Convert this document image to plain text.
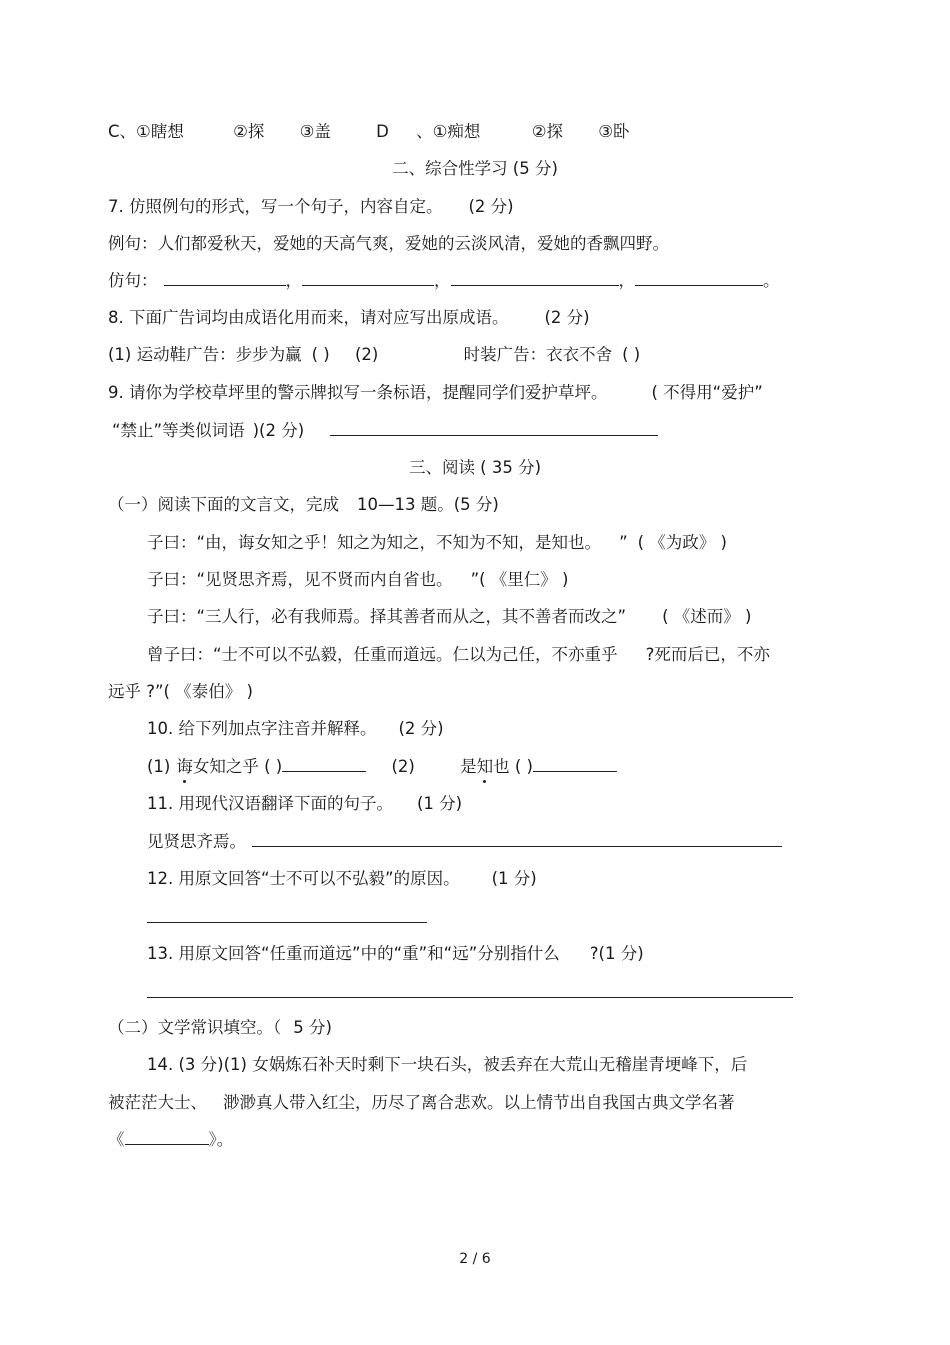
C、①瞎想	②探 ③盖	D 、①痴想	②探 ③卧
二、综合性学习 (5 分)
7. 仿照例句的形式，写一个句子，内容自定。 (2 分)
例句：人们都爱秋天，爱她的天高气爽，爱她的云淡风清，爱她的香飘四野。
仿句：	，	，	，	。
8. 下面广告词均由成语化用而来，请对应写出原成语。 (2 分)
(1) 运动鞋广告：步步为赢 ( ) (2)	时装广告：衣衣不舍 ( )
9. 请你为学校草坪里的警示牌拟写一条标语，提醒同学们爱护草坪。	( 不得用“爱护”
“禁止”等类似词语 )(2 分)
三、阅读 ( 35 分)
（一）阅读下面的文言文，完成 10—13 题。(5 分)
子曰：“由，诲女知之乎！知之为知之，不知为不知，是知也。 ” ( 《为政》 )
子曰：“见贤思齐焉，见不贤而内自省也。 ”( 《里仁》 )
子曰：“三人行，必有我师焉。择其善者而从之，其不善者而改之” ( 《述而》 )
曾子曰：“士不可以不弘毅，任重而道远。仁以为己任，不亦重乎 ?死而后已，不亦
远乎 ?”( 《泰伯》 )
10. 给下列加点字注音并解释。 (2 分)
(1) 诲女知之乎 ( )	(2)	是知也 ( )
11. 用现代汉语翻译下面的句子。 (1 分)
见贤思齐焉。
12. 用原文回答“士不可以不弘毅”的原因。 (1 分)
13. 用原文回答“任重而道远”中的“重”和“远”分别指什么 ?(1 分)
（二）文学常识填空。（ 5 分)
14. (3 分)(1) 女娲炼石补天时剩下一块石头，被丢弃在大荒山无稽崖青埂峰下，后
被茫茫大士、 渺渺真人带入红尘，历尽了离合悲欢。以上情节出自我国古典文学名著
《	》。
2 / 6
